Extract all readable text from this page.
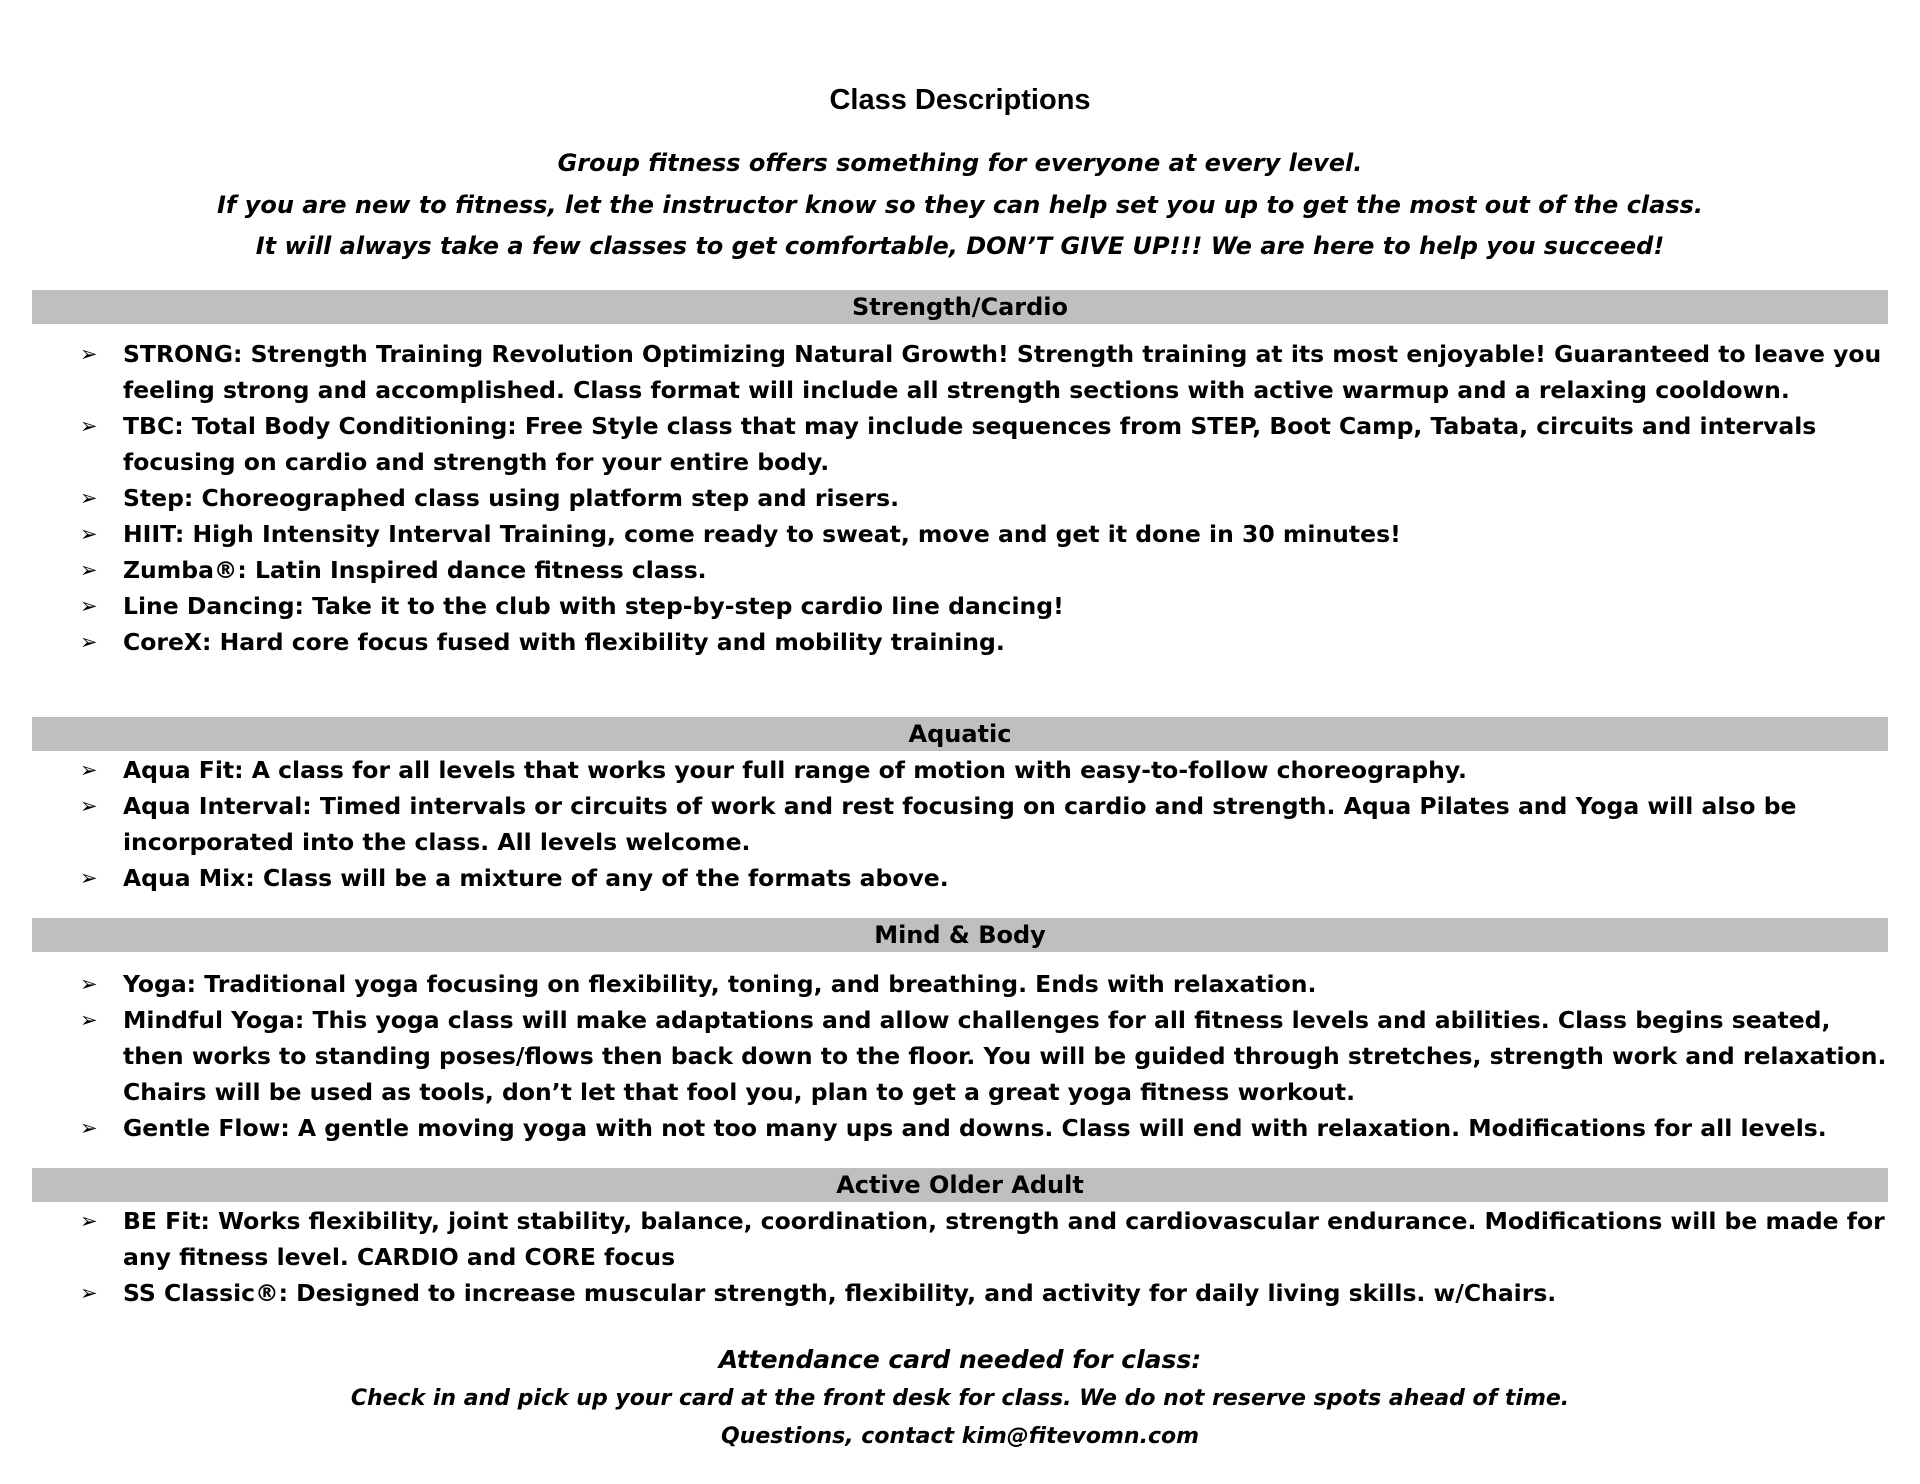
Class Descriptions
Group fitness offers something for everyone at every level.
If you are new to fitness, let the instructor know so they can help set you up to get the most out of the class.
It will always take a few classes to get comfortable, DON’T GIVE UP!!! We are here to help you succeed!
Strength/Cardio
➢ STRONG: Strength Training Revolution Optimizing Natural Growth! Strength training at its most enjoyable! Guaranteed to leave you feeling strong and accomplished. Class format will include all strength sections with active warmup and a relaxing cooldown.
➢ TBC: Total Body Conditioning: Free Style class that may include sequences from STEP, Boot Camp, Tabata, circuits and intervals focusing on cardio and strength for your entire body.
➢ Step: Choreographed class using platform step and risers.
➢ HIIT: High Intensity Interval Training, come ready to sweat, move and get it done in 30 minutes!
➢ Zumba®: Latin Inspired dance fitness class.
➢ Line Dancing: Take it to the club with step-by-step cardio line dancing!
➢ CoreX: Hard core focus fused with flexibility and mobility training.
Aquatic
➢ Aqua Fit: A class for all levels that works your full range of motion with easy-to-follow choreography.
➢ Aqua Interval: Timed intervals or circuits of work and rest focusing on cardio and strength. Aqua Pilates and Yoga will also be incorporated into the class. All levels welcome.
➢ Aqua Mix: Class will be a mixture of any of the formats above.
Mind & Body
➢ Yoga: Traditional yoga focusing on flexibility, toning, and breathing. Ends with relaxation.
➢ Mindful Yoga: This yoga class will make adaptations and allow challenges for all fitness levels and abilities. Class begins seated, then works to standing poses/flows then back down to the floor. You will be guided through stretches, strength work and relaxation. Chairs will be used as tools, don’t let that fool you, plan to get a great yoga fitness workout.
➢ Gentle Flow: A gentle moving yoga with not too many ups and downs. Class will end with relaxation. Modifications for all levels.
Active Older Adult
➢ BE Fit: Works flexibility, joint stability, balance, coordination, strength and cardiovascular endurance. Modifications will be made for any fitness level. CARDIO and CORE focus
➢ SS Classic®: Designed to increase muscular strength, flexibility, and activity for daily living skills. w/Chairs.
Attendance card needed for class:
Check in and pick up your card at the front desk for class. We do not reserve spots ahead of time.
Questions, contact kim@fitevomn.com
